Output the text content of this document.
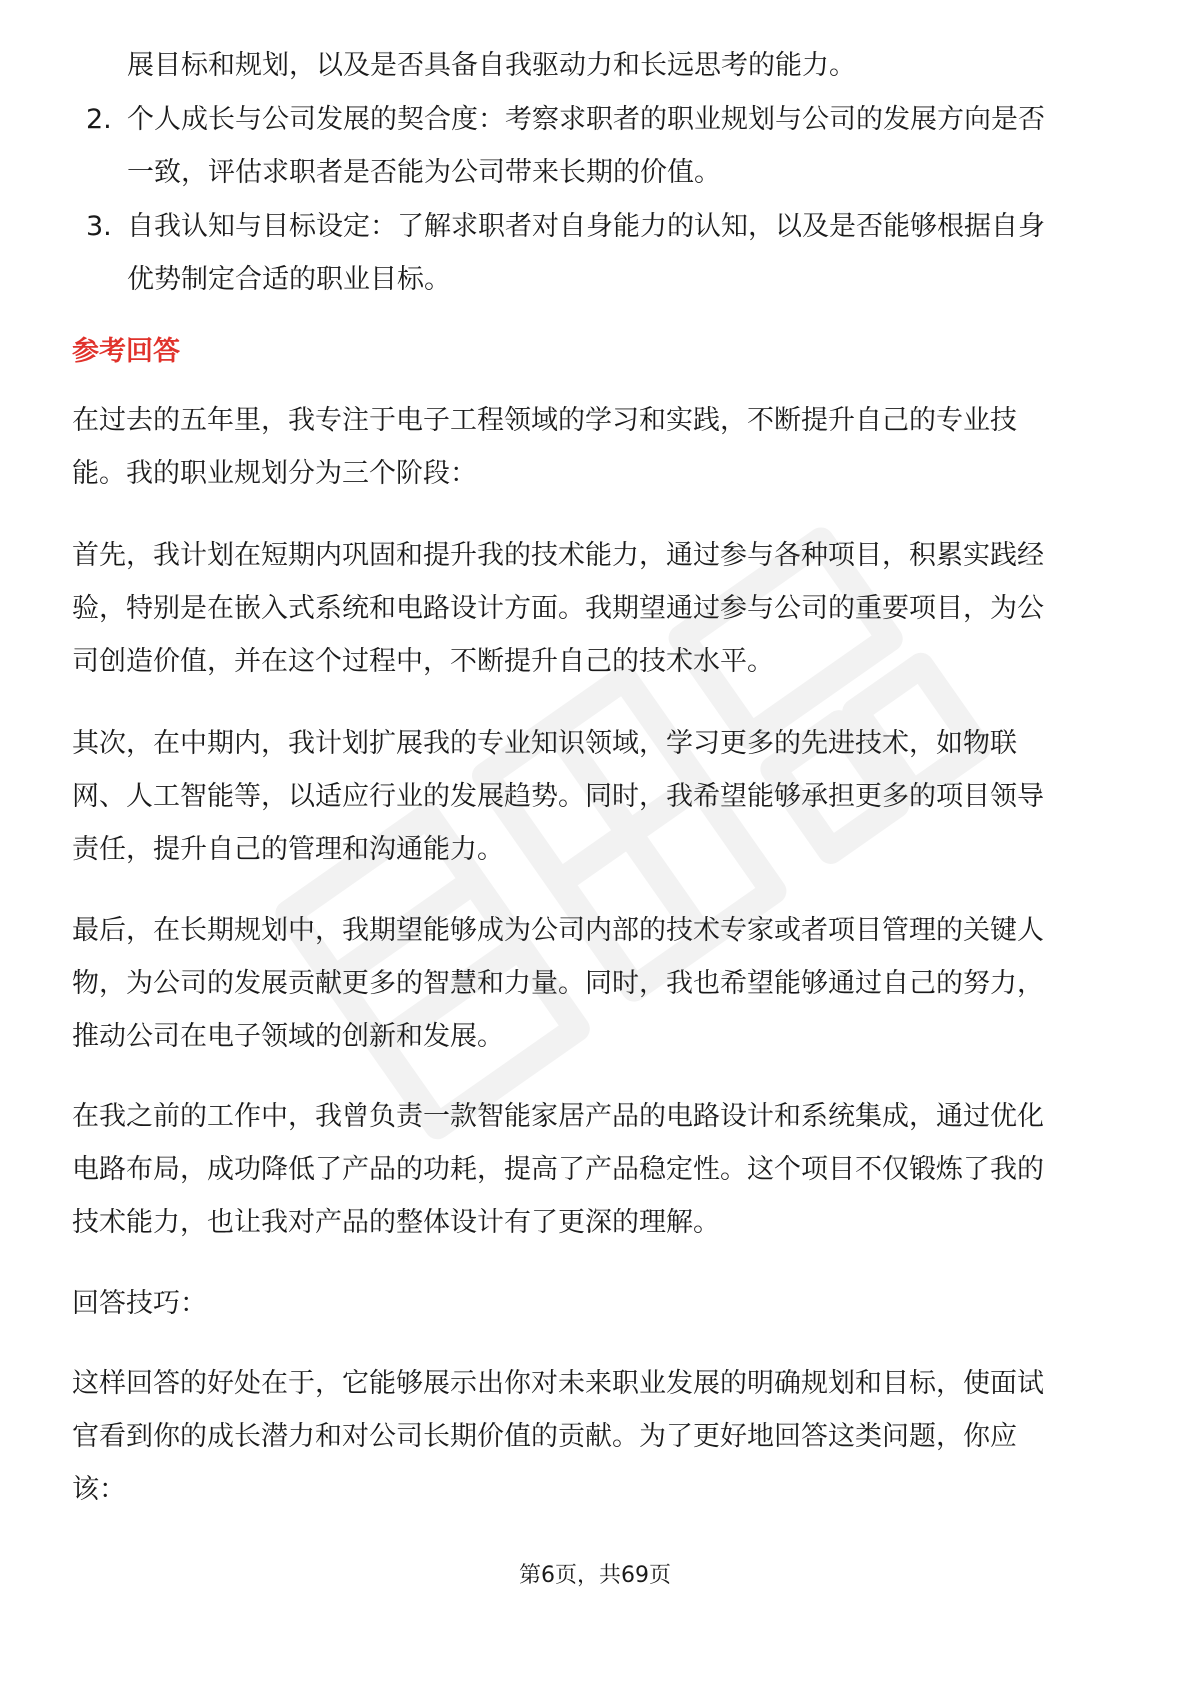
展目标和规划，以及是否具备自我驱动力和长远思考的能力。
2. 个人成长与公司发展的契合度：考察求职者的职业规划与公司的发展方向是否
一致，评估求职者是否能为公司带来长期的价值。
3. 自我认知与目标设定：了解求职者对自身能力的认知，以及是否能够根据自身
优势制定合适的职业目标。
参考回答
在过去的五年里，我专注于电子工程领域的学习和实践，不断提升自己的专业技
能。我的职业规划分为三个阶段：
首先，我计划在短期内巩固和提升我的技术能力，通过参与各种项目，积累实践经
验，特别是在嵌入式系统和电路设计方面。我期望通过参与公司的重要项目，为公
司创造价值，并在这个过程中，不断提升自己的技术水平。
其次，在中期内，我计划扩展我的专业知识领域，学习更多的先进技术，如物联
网、人工智能等，以适应行业的发展趋势。同时，我希望能够承担更多的项目领导
责任，提升自己的管理和沟通能力。
最后，在长期规划中，我期望能够成为公司内部的技术专家或者项目管理的关键人
物，为公司的发展贡献更多的智慧和力量。同时，我也希望能够通过自己的努力，
推动公司在电子领域的创新和发展。
在我之前的工作中，我曾负责一款智能家居产品的电路设计和系统集成，通过优化
电路布局，成功降低了产品的功耗，提高了产品稳定性。这个项目不仅锻炼了我的
技术能力，也让我对产品的整体设计有了更深的理解。
回答技巧：
这样回答的好处在于，它能够展示出你对未来职业发展的明确规划和目标，使面试
官看到你的成长潜力和对公司长期价值的贡献。为了更好地回答这类问题，你应
该：
第6页，共69页
